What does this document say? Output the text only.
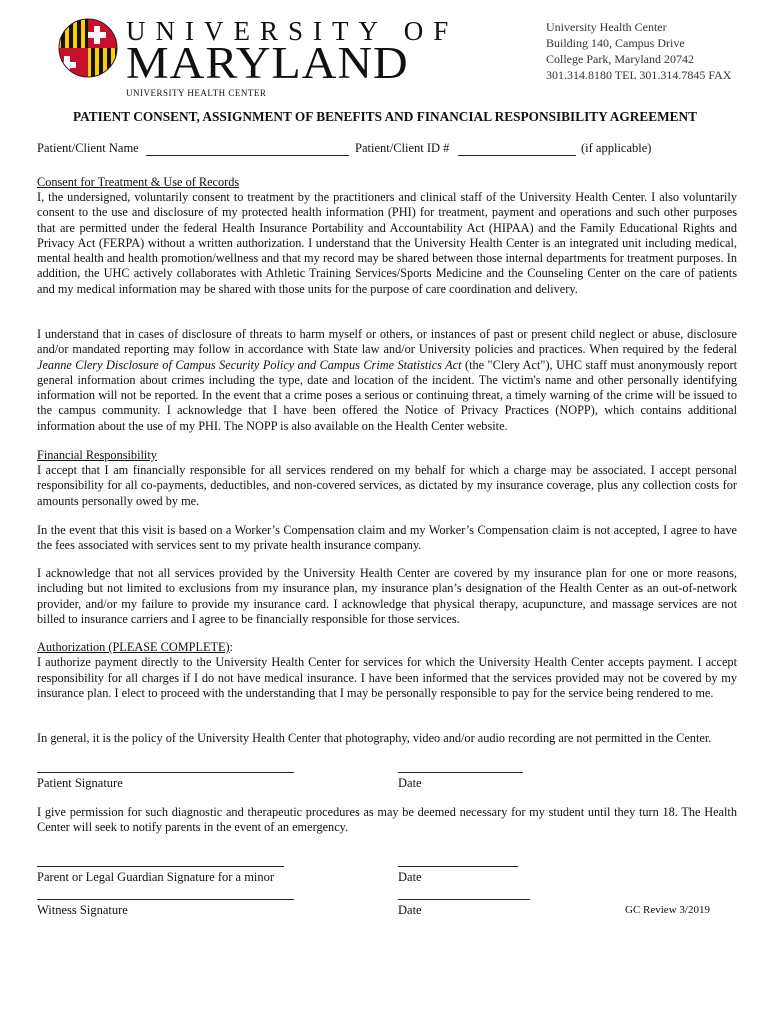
UNIVERSITY OF
MARYLAND
UNIVERSITY HEALTH CENTER
University Health Center
Building 140, Campus Drive
College Park, Maryland 20742
301.314.8180 TEL 301.314.7845 FAX
PATIENT CONSENT, ASSIGNMENT OF BENEFITS AND FINANCIAL RESPONSIBILITY AGREEMENT
Patient/Client Name	Patient/Client ID #	(if applicable)
Consent for Treatment & Use of Records
I, the undersigned, voluntarily consent to treatment by the practitioners and clinical staff of the University Health Center. I also voluntarily consent to the use and disclosure of my protected health information (PHI) for treatment, payment and operations and such other purposes that are permitted under the federal Health Insurance Portability and Accountability Act (HIPAA) and the Family Educational Rights and Privacy Act (FERPA) without a written authorization. I understand that the University Health Center is an integrated unit including medical, mental health and health promotion/wellness and that my record may be shared between those internal departments for treatment purposes. In addition, the UHC actively collaborates with Athletic Training Services/Sports Medicine and the Counseling Center on the care of patients and my medical information may be shared with those units for the purpose of care coordination and delivery.
I understand that in cases of disclosure of threats to harm myself or others, or instances of past or present child neglect or abuse, disclosure and/or mandated reporting may follow in accordance with State law and/or University policies and practices. When required by the federal Jeanne Clery Disclosure of Campus Security Policy and Campus Crime Statistics Act (the "Clery Act"), UHC staff must anonymously report general information about crimes including the type, date and location of the incident. The victim's name and other personally identifying information will not be reported. In the event that a crime poses a serious or continuing threat, a timely warning of the crime will be issued to the campus community. I acknowledge that I have been offered the Notice of Privacy Practices (NOPP), which contains additional information about the use of my PHI. The NOPP is also available on the Health Center website.
Financial Responsibility
I accept that I am financially responsible for all services rendered on my behalf for which a charge may be associated. I accept personal responsibility for all co-payments, deductibles, and non-covered services, as dictated by my insurance coverage, plus any collection costs for amounts personally owed by me.
In the event that this visit is based on a Worker’s Compensation claim and my Worker’s Compensation claim is not accepted, I agree to have the fees associated with services sent to my private health insurance company.
I acknowledge that not all services provided by the University Health Center are covered by my insurance plan for one or more reasons, including but not limited to exclusions from my insurance plan, my insurance plan’s designation of the Health Center as an out-of-network provider, and/or my failure to provide my insurance card. I acknowledge that physical therapy, acupuncture, and massage services are not billed to insurance carriers and I agree to be financially responsible for those services.
Authorization (PLEASE COMPLETE):
I authorize payment directly to the University Health Center for services for which the University Health Center accepts payment. I accept responsibility for all charges if I do not have medical insurance. I have been informed that the services provided may not be covered by my insurance plan. I elect to proceed with the understanding that I may be personally responsible to pay for the service being rendered to me.
In general, it is the policy of the University Health Center that photography, video and/or audio recording are not permitted in the Center.
Patient Signature	Date
I give permission for such diagnostic and therapeutic procedures as may be deemed necessary for my student until they turn 18. The Health Center will seek to notify parents in the event of an emergency.
Parent or Legal Guardian Signature for a minor	Date
Witness Signature	Date	GC Review 3/2019
